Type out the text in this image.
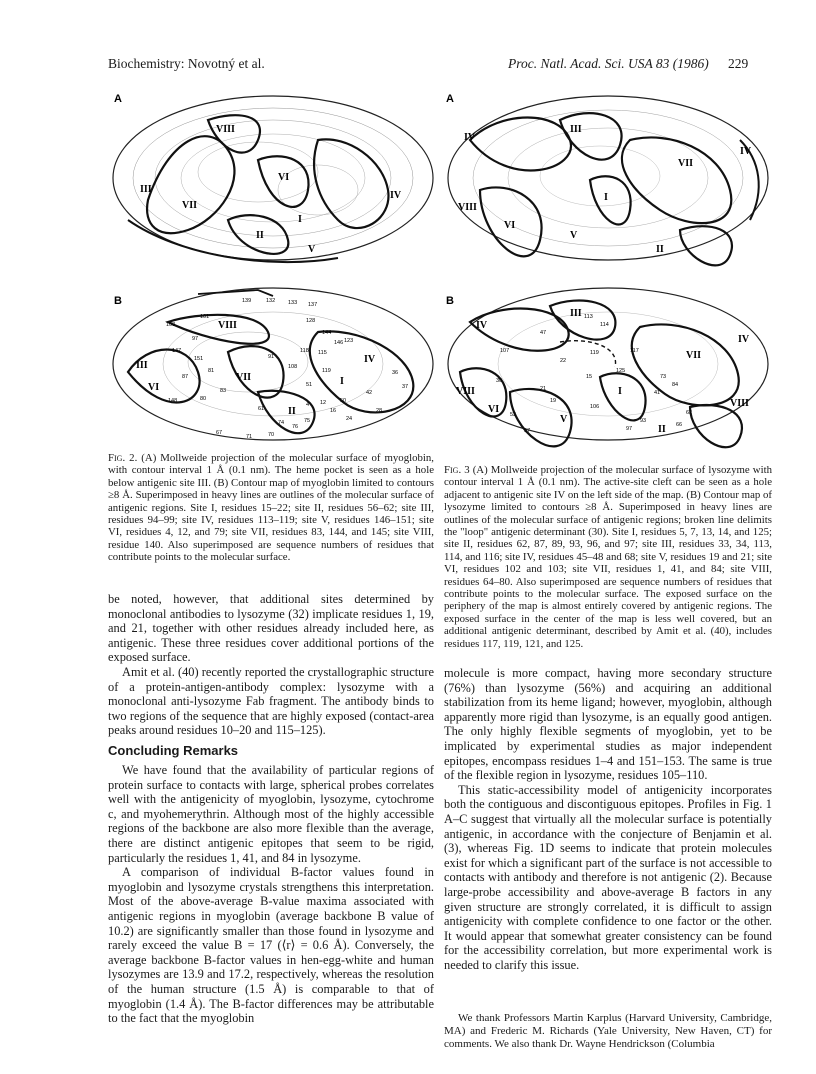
Biochemistry: Novotný et al.	Proc. Natl. Acad. Sci. USA 83 (1986) 229
A
VIII
III
VI
I
IV
II
VII
V
B
VIII
III
VI
IV
VII
II
I
139	132 133 137
103
101
97
128
144
146
81
83
87
147
80
115
123
91
119
51
108
118
42
28
75
76
74
67
71	70
24
16
12
4
61
151
148
36
37
50
A
IV
III
VII
I
VIII
VI
V
II
IV
B
IV
III
VII
VIII
VI
V
II
I
IV
VIII
107
47
119
21
19
15	73
84
41
117
125
62
66
93
97
106
113
114
53
57
30
22
Fig. 2. (A) Mollweide projection of the molecular surface of myoglobin, with contour interval 1 Å (0.1 nm). The heme pocket is seen as a hole below antigenic site III. (B) Contour map of myoglobin limited to contours ≥8 Å. Superimposed in heavy lines are outlines of the molecular surface of antigenic regions. Site I, residues 15–22; site II, residues 56–62; site III, residues 94–99; site IV, residues 113–119; site V, residues 146–151; site VI, residues 4, 12, and 79; site VII, residues 83, 144, and 145; site VIII, residue 140. Also superimposed are sequence numbers of residues that contribute points to the molecular surface.

be noted, however, that additional sites determined by monoclonal antibodies to lysozyme (32) implicate residues 1, 19, and 21, together with other residues already included here, as antigenic. These three residues cover additional portions of the exposed surface.

Amit et al. (40) recently reported the crystallographic structure of a protein-antigen-antibody complex: lysozyme with a monoclonal anti-lysozyme Fab fragment. The antibody binds to two regions of the sequence that are highly exposed (contact-area peaks around residues 10–20 and 115–125).

Concluding Remarks

We have found that the availability of particular regions of protein surface to contacts with large, spherical probes correlates well with the antigenicity of myoglobin, lysozyme, cytochrome c, and myohemerythrin. Although most of the highly accessible regions of the backbone are also more flexible than the average, there are distinct antigenic epitopes that seem to be rigid, particularly the residues 1, 41, and 84 in lysozyme.

A comparison of individual B-factor values found in myoglobin and lysozyme crystals strengthens this interpretation. Most of the above-average B-value maxima associated with antigenic regions in myoglobin (average backbone B value of 10.2) are significantly smaller than those found in lysozyme and rarely exceed the value B = 17 (⟨r⟩ = 0.6 Å). Conversely, the average backbone B-factor values in hen-egg-white and human lysozymes are 13.9 and 17.2, respectively, whereas the resolution of the human structure (1.5 Å) is comparable to that of myoglobin (1.4 Å). The B-factor differences may be attributable to the fact that the myoglobin

Fig. 3 (A) Mollweide projection of the molecular surface of lysozyme with contour interval 1 Å (0.1 nm). The active-site cleft can be seen as a hole adjacent to antigenic site IV on the left side of the map. (B) Contour map of lysozyme limited to contours ≥8 Å. Superimposed in heavy lines are outlines of the molecular surface of antigenic regions; broken line delimits the "loop" antigenic determinant (30). Site I, residues 5, 7, 13, 14, and 125; site II, residues 62, 87, 89, 93, 96, and 97; site III, residues 33, 34, 113, 114, and 116; site IV, residues 45–48 and 68; site V, residues 19 and 21; site VI, residues 102 and 103; site VII, residues 1, 41, and 84; site VIII, residues 64–80. Also superimposed are sequence numbers of residues that contribute points to the molecular surface. The exposed surface on the periphery of the map is almost entirely covered by antigenic regions. The exposed surface in the center of the map is less well covered, but an additional antigenic determinant, described by Amit et al. (40), includes residues 117, 119, 121, and 125.

molecule is more compact, having more secondary structure (76%) than lysozyme (56%) and acquiring an additional stabilization from its heme ligand; however, myoglobin, although apparently more rigid than lysozyme, is an equally good antigen. The only highly flexible segments of myoglobin, yet to be implicated by experimental studies as major independent epitopes, encompass residues 1–4 and 151–153. The same is true of the flexible region in lysozyme, residues 105–110.

This static-accessibility model of antigenicity incorporates both the contiguous and discontiguous epitopes. Profiles in Fig. 1 A–C suggest that virtually all the molecular surface is potentially antigenic, in accordance with the conjecture of Benjamin et al. (3), whereas Fig. 1D seems to indicate that protein molecules exist for which a significant part of the surface is not accessible to contacts with antibody and therefore is not antigenic (2). Because large-probe accessibility and above-average B factors in any given structure are strongly correlated, it is difficult to assign antigenicity with complete confidence to one factor or the other. It would appear that somewhat greater consistency can be found for the accessibility correlation, but more experimental work is needed to clarify this issue.

We thank Professors Martin Karplus (Harvard University, Cambridge, MA) and Frederic M. Richards (Yale University, New Haven, CT) for comments. We also thank Dr. Wayne Hendrickson (Columbia
